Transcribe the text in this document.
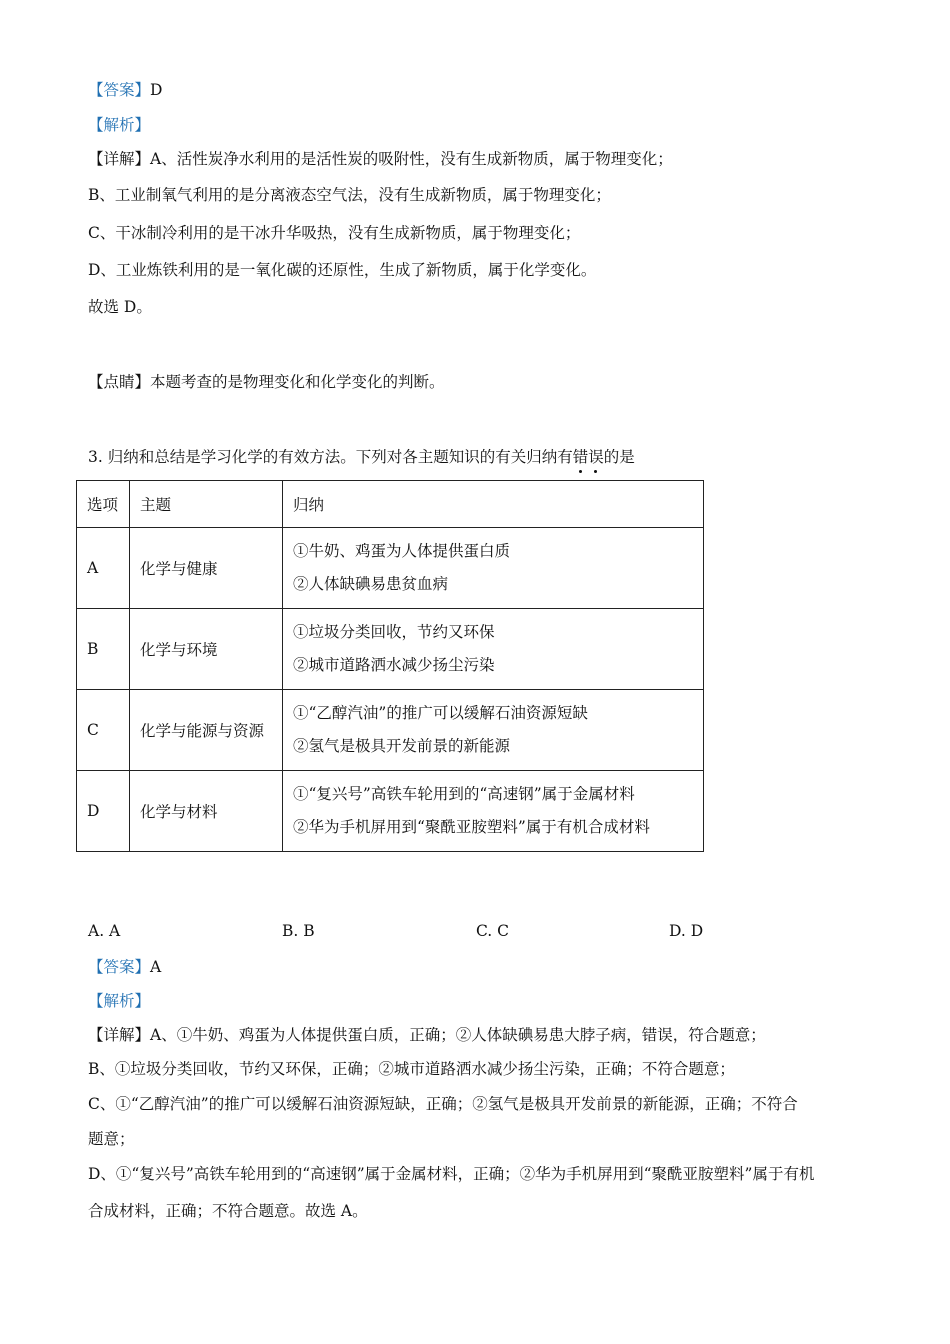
【答案】D
【解析】
【详解】A、活性炭净水利用的是活性炭的吸附性，没有生成新物质，属于物理变化；
B、工业制氧气利用的是分离液态空气法，没有生成新物质，属于物理变化；
C、干冰制冷利用的是干冰升华吸热，没有生成新物质，属于物理变化；
D、工业炼铁利用的是一氧化碳的还原性，生成了新物质，属于化学变化。
故选 D。
【点睛】本题考查的是物理变化和化学变化的判断。
3. 归纳和总结是学习化学的有效方法。下列对各主题知识的有关归纳有错误的是
选项	主题	归纳
A	化学与健康	①牛奶、鸡蛋为人体提供蛋白质
②人体缺碘易患贫血病

B	化学与环境	①垃圾分类回收，节约又环保
②城市道路洒水减少扬尘污染

C	化学与能源与资源	①“乙醇汽油”的推广可以缓解石油资源短缺
②氢气是极具开发前景的新能源

D	化学与材料	①“复兴号”高铁车轮用到的“高速钢”属于金属材料
②华为手机屏用到“聚酰亚胺塑料”属于有机合成材料
A. A	B. B	C. C	D. D
【答案】A
【解析】
【详解】A、①牛奶、鸡蛋为人体提供蛋白质，正确；②人体缺碘易患大脖子病，错误，符合题意；
B、①垃圾分类回收，节约又环保，正确；②城市道路洒水减少扬尘污染，正确；不符合题意；
C、①“乙醇汽油”的推广可以缓解石油资源短缺，正确；②氢气是极具开发前景的新能源，正确；不符合
题意；
D、①“复兴号”高铁车轮用到的“高速钢”属于金属材料，正确；②华为手机屏用到“聚酰亚胺塑料”属于有机
合成材料，正确；不符合题意。故选 A。
